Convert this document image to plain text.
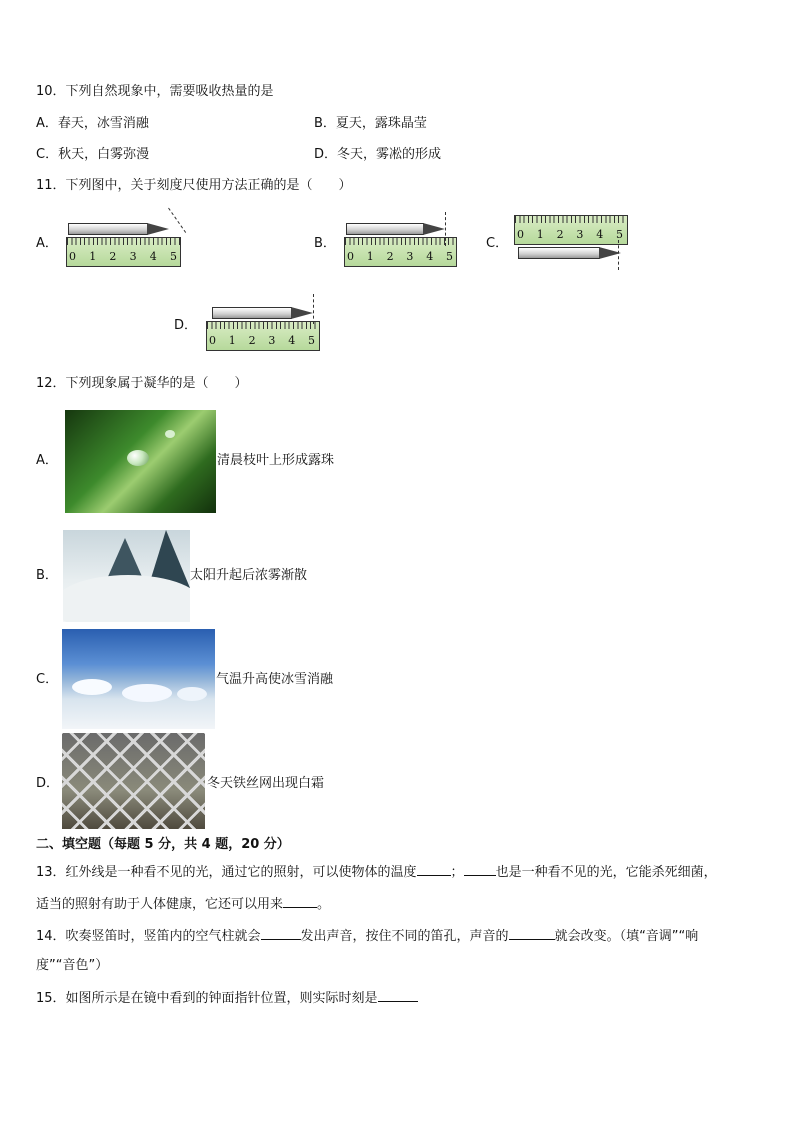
10．下列自然现象中，需要吸收热量的是
A．春天，冰雪消融	B．夏天，露珠晶莹
C．秋天，白雾弥漫	D．冬天，雾凇的形成
11．下列图中，关于刻度尺使用方法正确的是（　　）
A．
0 1 2 3 4 5
B．
0 1 2 3 4 5
C．
0 1 2 3 4 5
D．
0 1 2 3 4 5
12．下列现象属于凝华的是（　　）
A．	清晨枝叶上形成露珠
B．	太阳升起后浓雾渐散
C．	气温升高使冰雪消融
D．	冬天铁丝网出现白霜
二、填空题（每题 5 分，共 4 题，20 分）
13．红外线是一种看不见的光，通过它的照射，可以使物体的温度	； 也是一种看不见的光，它能杀死细菌，
适当的照射有助于人体健康，它还可以用来	。
14．吹奏竖笛时，竖笛内的空气柱就会	发出声音，按住不同的笛孔，声音的	就会改变。（填“音调”“响
度”“音色”）
15．如图所示是在镜中看到的钟面指针位置，则实际时刻是
